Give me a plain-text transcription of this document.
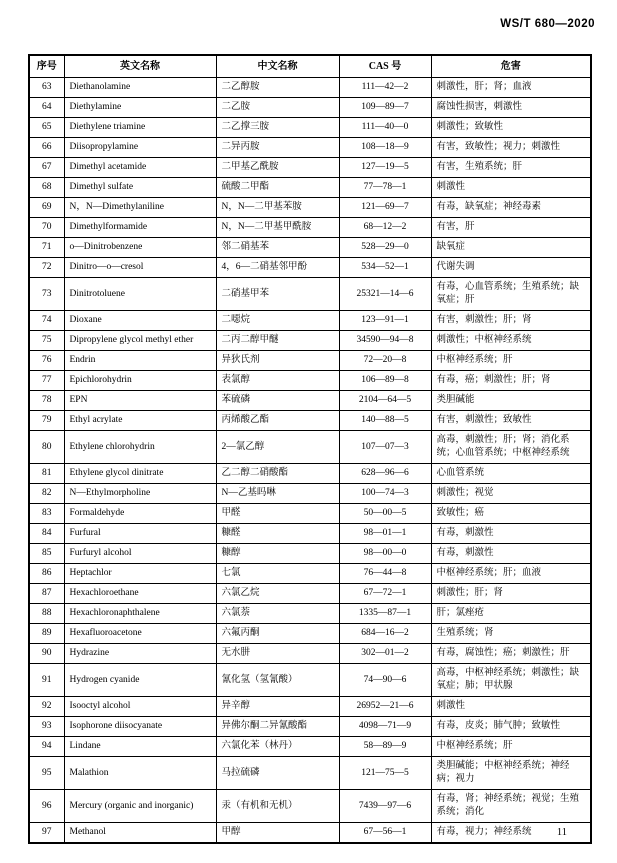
WS/T 680—2020
序号	英文名称	中文名称	CAS 号	危害
63	Diethanolamine	二乙醇胺	111—42—2	刺激性，肝；肾；血液
64	Diethylamine	二乙胺	109—89—7	腐蚀性损害，刺激性
65	Diethylene triamine	二乙撑三胺	111—40—0	刺激性；致敏性
66	Diisopropylamine	二异丙胺	108—18—9	有害，致敏性；视力；刺激性
67	Dimethyl acetamide	二甲基乙酰胺	127—19—5	有害，生殖系统；肝
68	Dimethyl sulfate	硫酸二甲酯	77—78—1	刺激性
69	N，N—Dimethylaniline	N，N—二甲基苯胺	121—69—7	有毒，缺氧症；神经毒素
70	Dimethylformamide	N，N—二甲基甲酰胺	68—12—2	有害，肝
71	o—Dinitrobenzene	邻二硝基苯	528—29—0	缺氧症
72	Dinitro—o—cresol	4，6—二硝基邻甲酚	534—52—1	代谢失调
73	Dinitrotoluene	二硝基甲苯	25321—14—6	有毒，心血管系统；生殖系统；缺氧症；肝
74	Dioxane	二噁烷	123—91—1	有害，刺激性；肝；肾
75	Dipropylene glycol methyl ether	二丙二醇甲醚	34590—94—8	刺激性；中枢神经系统
76	Endrin	异狄氏剂	72—20—8	中枢神经系统；肝
77	Epichlorohydrin	表氯醇	106—89—8	有毒，癌；刺激性；肝；肾
78	EPN	苯硫磷	2104—64—5	类胆碱能
79	Ethyl acrylate	丙烯酸乙酯	140—88—5	有害，刺激性；致敏性
80	Ethylene chlorohydrin	2—氯乙醇	107—07—3	高毒，刺激性；肝；肾；消化系统；心血管系统；中枢神经系统
81	Ethylene glycol dinitrate	乙二醇二硝酸酯	628—96—6	心血管系统
82	N—Ethylmorpholine	N—乙基吗啉	100—74—3	刺激性；视觉
83	Formaldehyde	甲醛	50—00—5	致敏性；癌
84	Furfural	糠醛	98—01—1	有毒，刺激性
85	Furfuryl alcohol	糠醇	98—00—0	有毒，刺激性
86	Heptachlor	七氯	76—44—8	中枢神经系统；肝；血液
87	Hexachloroethane	六氯乙烷	67—72—1	刺激性；肝；肾
88	Hexachloronaphthalene	六氯萘	1335—87—1	肝；氯痤疮
89	Hexafluoroacetone	六氟丙酮	684—16—2	生殖系统；肾
90	Hydrazine	无水肼	302—01—2	有毒，腐蚀性；癌；刺激性；肝
91	Hydrogen cyanide	氰化氢（氢氰酸）	74—90—6	高毒，中枢神经系统；刺激性；缺氧症；肺；甲状腺
92	Isooctyl alcohol	异辛醇	26952—21—6	刺激性
93	Isophorone diisocyanate	异佛尔酮二异氰酸酯	4098—71—9	有毒，皮炎；肺气肿；致敏性
94	Lindane	六氯化苯（林丹）	58—89—9	中枢神经系统；肝
95	Malathion	马拉硫磷	121—75—5	类胆碱能；中枢神经系统；神经病；视力
96	Mercury (organic and inorganic)	汞（有机和无机）	7439—97—6	有毒，肾；神经系统；视觉；生殖系统；消化
97	Methanol	甲醇	67—56—1	有毒，视力；神经系统 11
